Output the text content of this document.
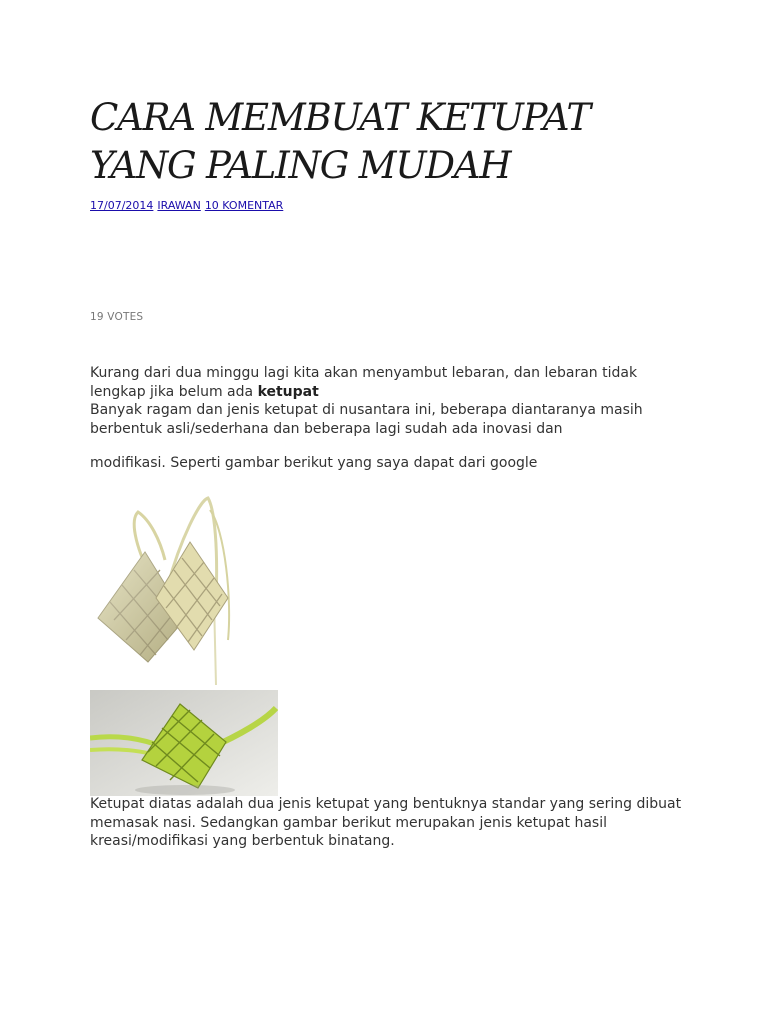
CARA MEMBUAT KETUPAT
YANG PALING MUDAH
17/07/2014 IRAWAN 10 KOMENTAR
19 VOTES

Kurang dari dua minggu lagi kita akan menyambut lebaran, dan lebaran tidak lengkap jika belum ada ketupat

Banyak ragam dan jenis ketupat di nusantara ini, beberapa diantaranya masih berbentuk asli/sederhana dan beberapa lagi sudah ada inovasi dan

modifikasi. Seperti gambar berikut yang saya dapat dari google

Ketupat diatas adalah dua jenis ketupat yang bentuknya standar yang sering dibuat memasak nasi. Sedangkan gambar berikut merupakan jenis ketupat hasil kreasi/modifikasi yang berbentuk binatang.
